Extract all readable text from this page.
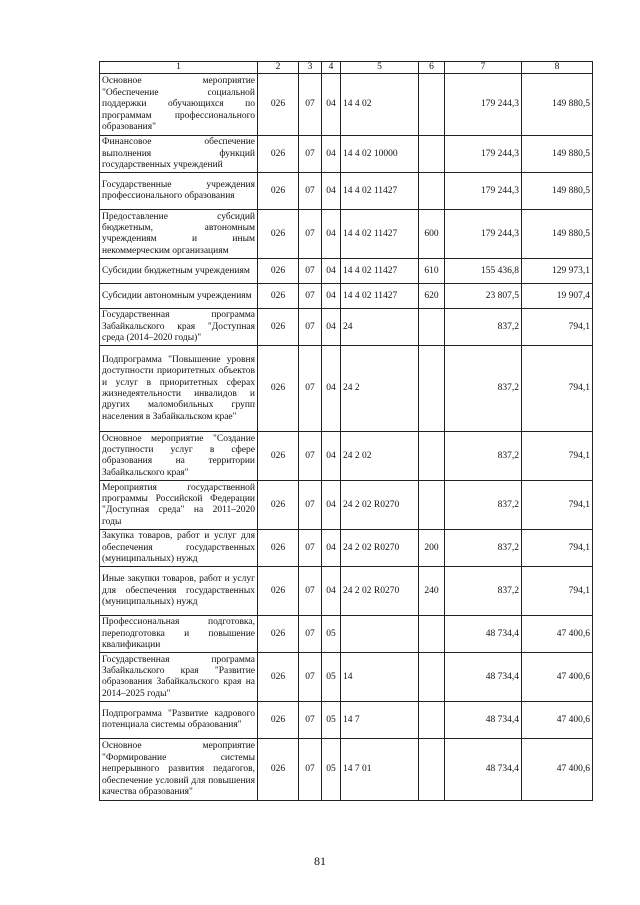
1	2	3	4	5	6	7	8
Основное мероприятие "Обеспечение социальной поддержки обучающихся по программам профессионального образования"	026	07	04	14 4 02		179 244,3	149 880,5
Финансовое обеспечение выполнения функций государственных учреждений	026	07	04	14 4 02 10000		179 244,3	149 880,5
Государственные учреждения профессионального образования	026	07	04	14 4 02 11427		179 244,3	149 880,5
Предоставление субсидий бюджетным, автономным учреждениям и иным некоммерческим организациям	026	07	04	14 4 02 11427	600	179 244,3	149 880,5
Субсидии бюджетным учреждениям	026	07	04	14 4 02 11427	610	155 436,8	129 973,1
Субсидии автономным учреждениям	026	07	04	14 4 02 11427	620	23 807,5	19 907,4
Государственная программа Забайкальского края "Доступная среда (2014–2020 годы)"	026	07	04	24		837,2	794,1
Подпрограмма "Повышение уровня доступности приоритетных объектов и услуг в приоритетных сферах жизнедеятельности инвалидов и других маломобильных групп населения в Забайкальском крае"	026	07	04	24 2		837,2	794,1
Основное мероприятие "Создание доступности услуг в сфере образования на территории Забайкальского края"	026	07	04	24 2 02		837,2	794,1
Мероприятия государственной программы Российской Федерации "Доступная среда" на 2011–2020 годы	026	07	04	24 2 02 R0270		837,2	794,1
Закупка товаров, работ и услуг для обеспечения государственных (муниципальных) нужд	026	07	04	24 2 02 R0270	200	837,2	794,1
Иные закупки товаров, работ и услуг для обеспечения государственных (муниципальных) нужд	026	07	04	24 2 02 R0270	240	837,2	794,1
Профессиональная подготовка, переподготовка и повышение квалификации	026	07	05			48 734,4	47 400,6
Государственная программа Забайкальского края "Развитие образования Забайкальского края на 2014–2025 годы"	026	07	05	14		48 734,4	47 400,6
Подпрограмма "Развитие кадрового потенциала системы образования"	026	07	05	14 7		48 734,4	47 400,6
Основное мероприятие "Формирование системы непрерывного развития педагогов, обеспечение условий для повышения качества образования"	026	07	05	14 7 01		48 734,4	47 400,6
81
